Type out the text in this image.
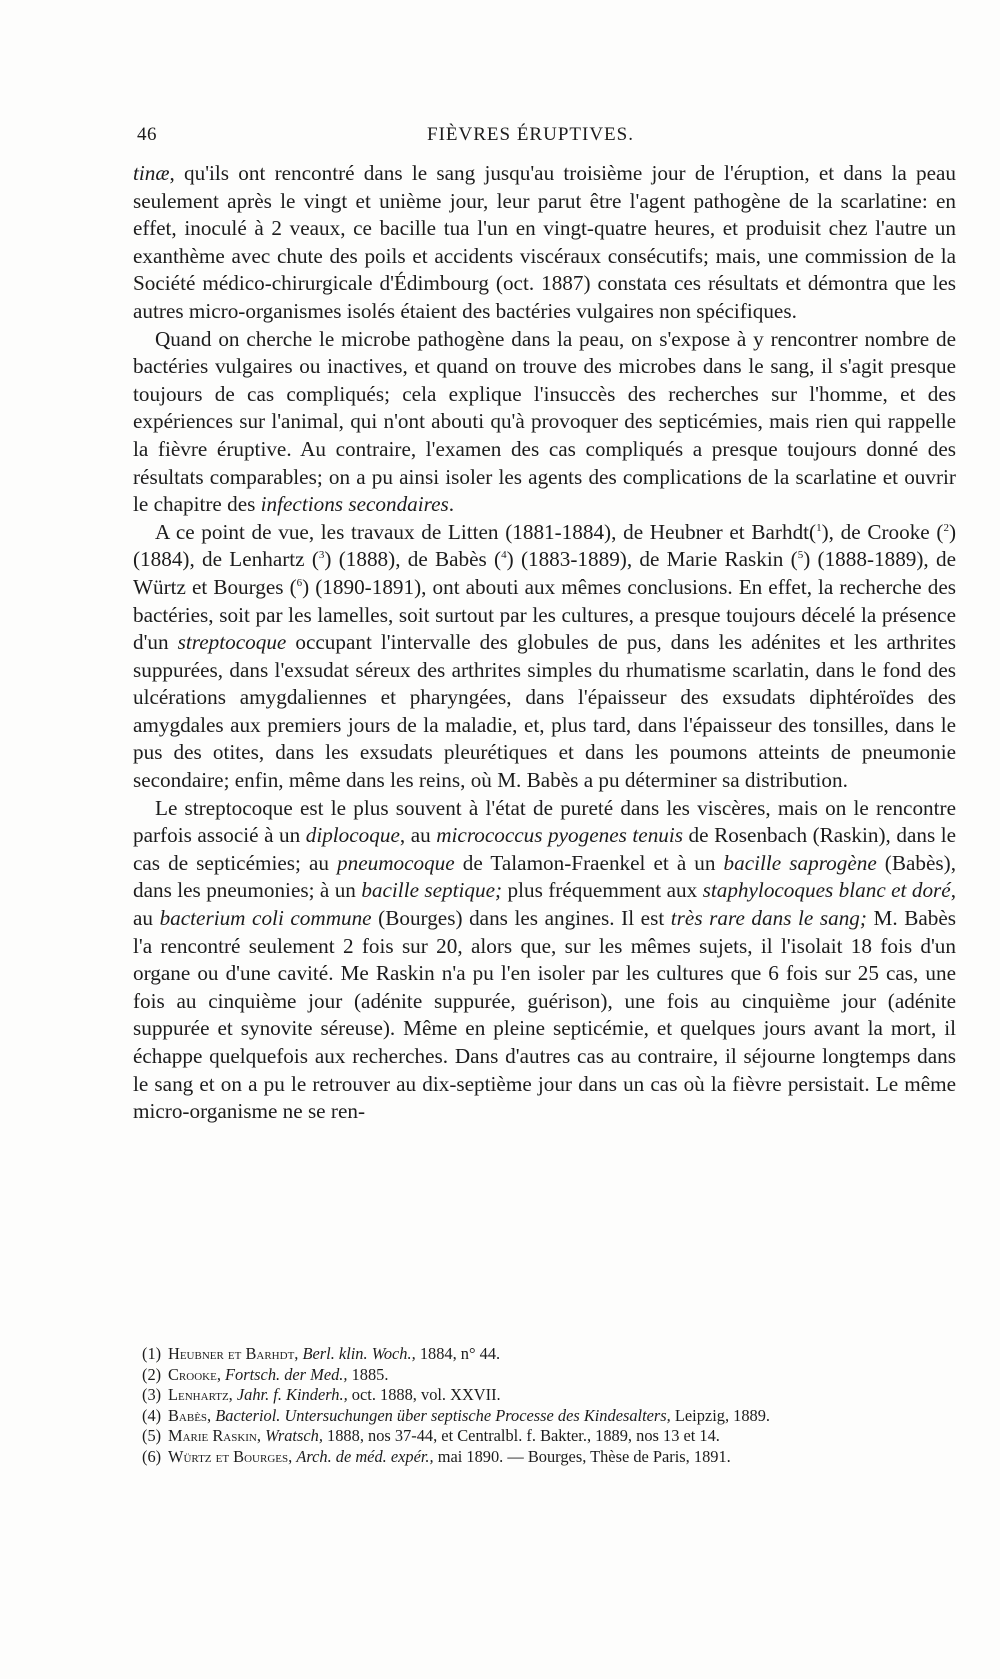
46	FIÈVRES ÉRUPTIVES.

tinæ, qu'ils ont rencontré dans le sang jusqu'au troisième jour de l'éruption, et dans la peau seulement après le vingt et unième jour, leur parut être l'agent pathogène de la scarlatine: en effet, inoculé à 2 veaux, ce bacille tua l'un en vingt-quatre heures, et produisit chez l'autre un exanthème avec chute des poils et accidents viscéraux consécutifs; mais, une commission de la Société médico-chirurgicale d'Édimbourg (oct. 1887) constata ces résultats et démontra que les autres micro-organismes isolés étaient des bactéries vulgaires non spécifiques.

Quand on cherche le microbe pathogène dans la peau, on s'expose à y rencontrer nombre de bactéries vulgaires ou inactives, et quand on trouve des microbes dans le sang, il s'agit presque toujours de cas compliqués; cela explique l'insuccès des recherches sur l'homme, et des expériences sur l'animal, qui n'ont abouti qu'à provoquer des septicémies, mais rien qui rappelle la fièvre éruptive. Au contraire, l'examen des cas compliqués a presque toujours donné des résultats comparables; on a pu ainsi isoler les agents des complications de la scarlatine et ouvrir le chapitre des infections secondaires.

A ce point de vue, les travaux de Litten (1881-1884), de Heubner et Barhdt($^1$), de Crooke ($^2$) (1884), de Lenhartz ($^3$) (1888), de Babès ($^4$) (1883-1889), de Marie Raskin ($^5$) (1888-1889), de Würtz et Bourges ($^6$) (1890-1891), ont abouti aux mêmes conclusions. En effet, la recherche des bactéries, soit par les lamelles, soit surtout par les cultures, a presque toujours décelé la présence d'un streptocoque occupant l'intervalle des globules de pus, dans les adénites et les arthrites suppurées, dans l'exsudat séreux des arthrites simples du rhumatisme scarlatin, dans le fond des ulcérations amygdaliennes et pharyngées, dans l'épaisseur des exsudats diphtéroïdes des amygdales aux premiers jours de la maladie, et, plus tard, dans l'épaisseur des tonsilles, dans le pus des otites, dans les exsudats pleurétiques et dans les poumons atteints de pneumonie secondaire; enfin, même dans les reins, où M. Babès a pu déterminer sa distribution.

Le streptocoque est le plus souvent à l'état de pureté dans les viscères, mais on le rencontre parfois associé à un diplocoque, au micrococcus pyogenes tenuis de Rosenbach (Raskin), dans le cas de septicémies; au pneumocoque de Talamon-Fraenkel et à un bacille saprogène (Babès), dans les pneumonies; à un bacille septique; plus fréquemment aux staphylocoques blanc et doré, au bacterium coli commune (Bourges) dans les angines. Il est très rare dans le sang; M. Babès l'a rencontré seulement 2 fois sur 20, alors que, sur les mêmes sujets, il l'isolait 18 fois d'un organe ou d'une cavité. Me Raskin n'a pu l'en isoler par les cultures que 6 fois sur 25 cas, une fois au cinquième jour (adénite suppurée, guérison), une fois au cinquième jour (adénite suppurée et synovite séreuse). Même en pleine septicémie, et quelques jours avant la mort, il échappe quelquefois aux recherches. Dans d'autres cas au contraire, il séjourne longtemps dans le sang et on a pu le retrouver au dix-septième jour dans un cas où la fièvre persistait. Le même micro-organisme ne se ren-

(1) Heubner et Barhdt, Berl. klin. Woch., 1884, n° 44.
(2) Crooke, Fortsch. der Med., 1885.
(3) Lenhartz, Jahr. f. Kinderh., oct. 1888, vol. XXVII.
(4) Babès, Bacteriol. Untersuchungen über septische Processe des Kindesalters, Leipzig, 1889.
(5) Marie Raskin, Wratsch, 1888, nos 37-44, et Centralbl. f. Bakter., 1889, nos 13 et 14.
(6) Würtz et Bourges, Arch. de méd. expér., mai 1890. — Bourges, Thèse de Paris, 1891.
